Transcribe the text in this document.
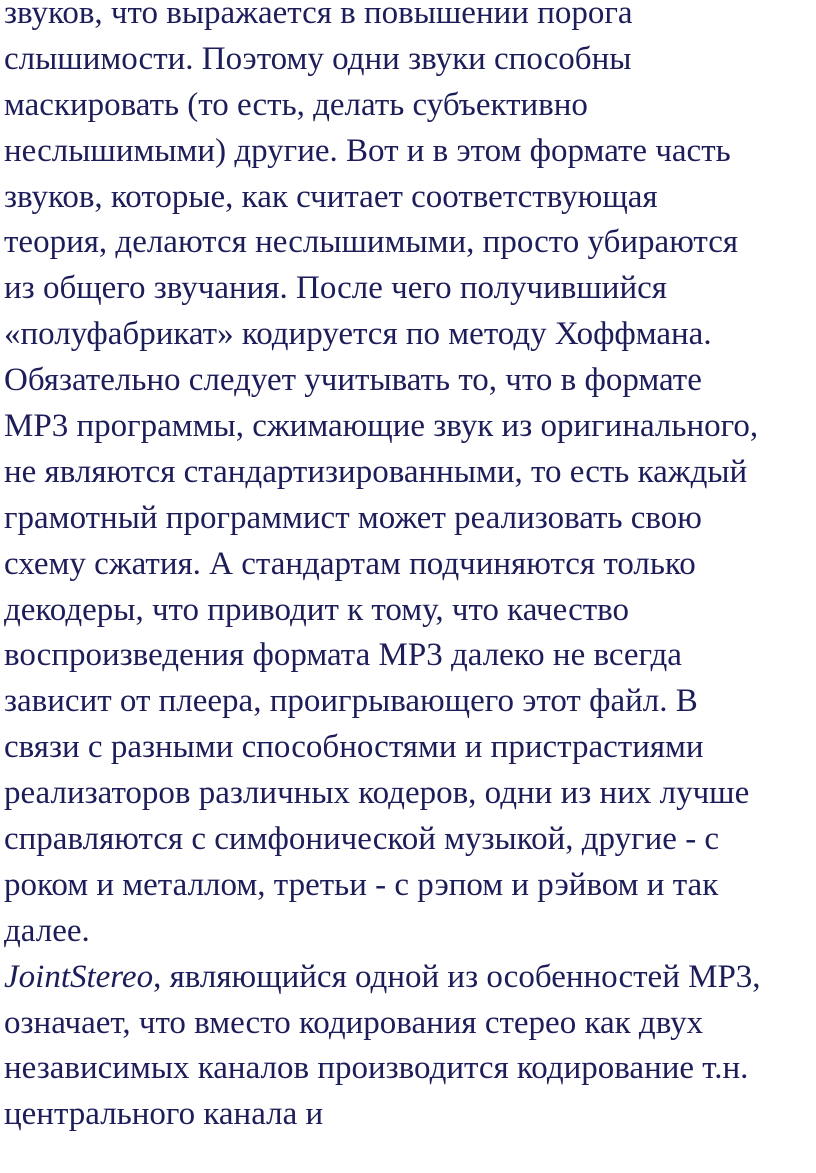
звуков, что выражается в повышении порога
слышимости. Поэтому одни звуки способны
маскировать (то есть, делать субъективно
неслышимыми) другие. Вот и в этом формате часть
звуков, которые, как считает соответствующая
теория, делаются неслышимыми, просто убираются
из общего звучания. После чего получившийся
«полуфабрикат» кодируется по методу Хоффмана.
Обязательно следует учитывать то, что в формате
MP3 программы, сжимающие звук из оригинального,
не являются стандартизированными, то есть каждый
грамотный программист может реализовать свою
схему сжатия. А стандартам подчиняются только
декодеры, что приводит к тому, что качество
воспроизведения формата MP3 далеко не всегда
зависит от плеера, проигрывающего этот файл. В
связи с разными способностями и пристрастиями
реализаторов различных кодеров, одни из них лучше
справляются с симфонической музыкой, другие - с
роком и металлом, третьи - с рэпом и рэйвом и так
далее.
JointStereo, являющийся одной из особенностей MP3,
означает, что вместо кодирования стерео как двух
независимых каналов производится кодирование т.н.
центрального канала и
